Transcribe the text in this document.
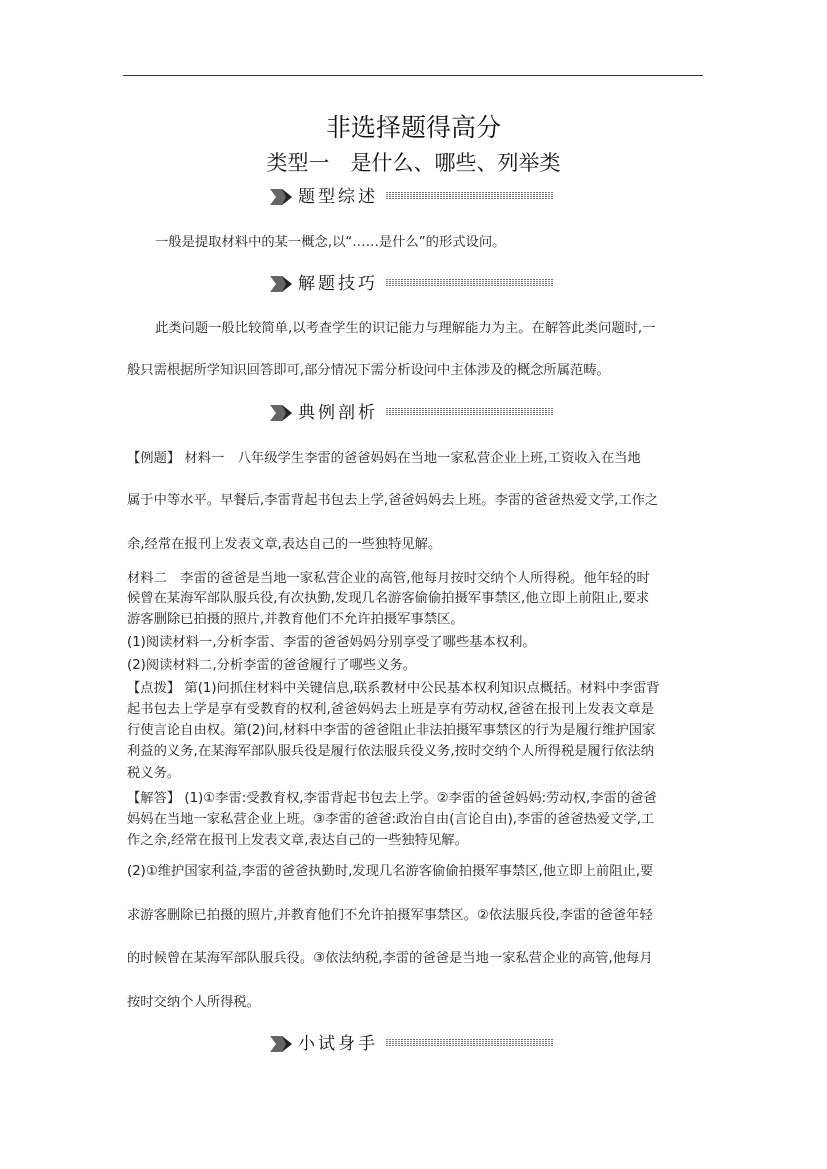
非选择题得高分
类型一　是什么、哪些、列举类
题型综述
一般是提取材料中的某一概念,以“……是什么”的形式设问。
解题技巧
此类问题一般比较简单,以考查学生的识记能力与理解能力为主。在解答此类问题时,一
般只需根据所学知识回答即可,部分情况下需分析设问中主体涉及的概念所属范畴。
典例剖析
【例题】 材料一　八年级学生李雷的爸爸妈妈在当地一家私营企业上班,工资收入在当地
属于中等水平。早餐后,李雷背起书包去上学,爸爸妈妈去上班。李雷的爸爸热爱文学,工作之
余,经常在报刊上发表文章,表达自己的一些独特见解。
材料二　李雷的爸爸是当地一家私营企业的高管,他每月按时交纳个人所得税。他年轻的时
候曾在某海军部队服兵役,有次执勤,发现几名游客偷偷拍摄军事禁区,他立即上前阻止,要求
游客删除已拍摄的照片,并教育他们不允许拍摄军事禁区。
(1)阅读材料一,分析李雷、李雷的爸爸妈妈分别享受了哪些基本权利。
(2)阅读材料二,分析李雷的爸爸履行了哪些义务。
【点拨】 第(1)问抓住材料中关键信息,联系教材中公民基本权利知识点概括。材料中李雷背
起书包去上学是享有受教育的权利,爸爸妈妈去上班是享有劳动权,爸爸在报刊上发表文章是
行使言论自由权。第(2)问,材料中李雷的爸爸阻止非法拍摄军事禁区的行为是履行维护国家
利益的义务,在某海军部队服兵役是履行依法服兵役义务,按时交纳个人所得税是履行依法纳
税义务。
【解答】 (1)①李雷:受教育权,李雷背起书包去上学。②李雷的爸爸妈妈:劳动权,李雷的爸爸
妈妈在当地一家私营企业上班。③李雷的爸爸:政治自由(言论自由),李雷的爸爸热爱文学,工
作之余,经常在报刊上发表文章,表达自己的一些独特见解。
(2)①维护国家利益,李雷的爸爸执勤时,发现几名游客偷偷拍摄军事禁区,他立即上前阻止,要
求游客删除已拍摄的照片,并教育他们不允许拍摄军事禁区。②依法服兵役,李雷的爸爸年轻
的时候曾在某海军部队服兵役。③依法纳税,李雷的爸爸是当地一家私营企业的高管,他每月
按时交纳个人所得税。
小试身手
